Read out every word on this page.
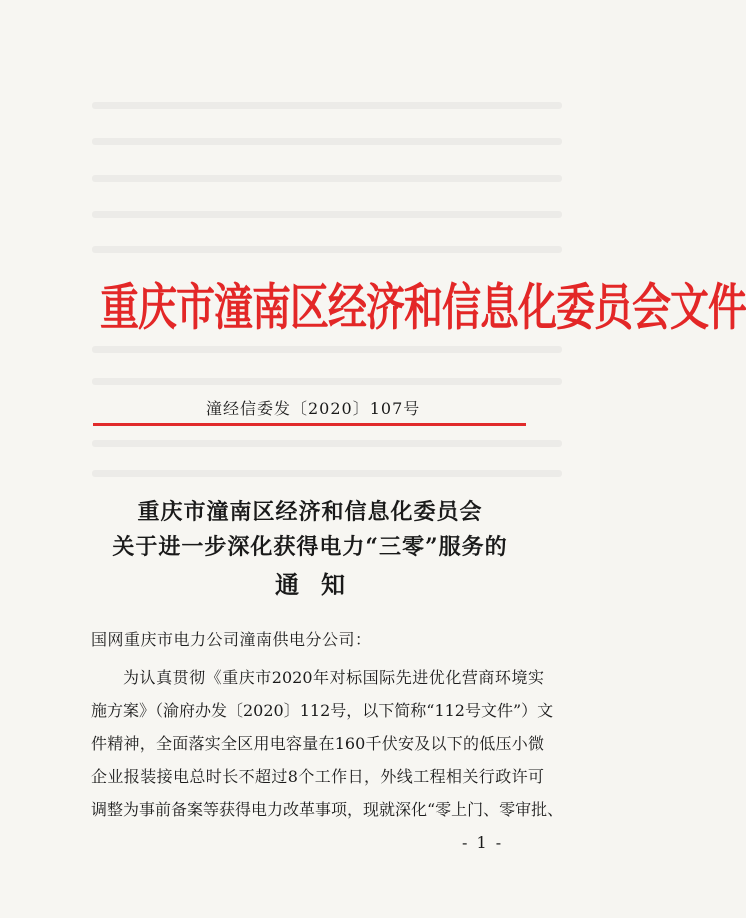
重庆市潼南区经济和信息化委员会文件
潼经信委发〔2020〕107号
重庆市潼南区经济和信息化委员会
关于进一步深化获得电力“三零”服务的
通知
国网重庆市电力公司潼南供电分公司：
为认真贯彻《重庆市2020年对标国际先进优化营商环境实
施方案》（渝府办发〔2020〕112号，以下简称“112号文件”）文
件精神，全面落实全区用电容量在160千伏安及以下的低压小微
企业报装接电总时长不超过8个工作日，外线工程相关行政许可
调整为事前备案等获得电力改革事项，现就深化“零上门、零审批、
- 1 -
